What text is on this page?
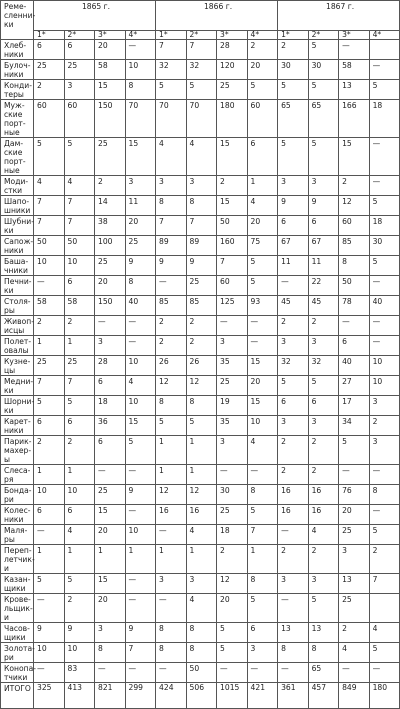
Ремесленники	1865 г.				1866 г.				1867 г.			
	1*	2*	3*	4*	1*	2*	3*	4*	1*	2*	3*	4*
Хлебники	6	6	20	—	7	7	28	2	2	5	—	
Булочники	25	25	58	10	32	32	120	20	30	30	58	—
Кондитеры	2	3	15	8	5	5	25	5	5	5	13	5
Мужские портные	60	60	150	70	70	70	180	60	65	65	166	18
Дамские портные	5	5	25	15	4	4	15	6	5	5	15	—
Модистки	4	4	2	3	3	3	2	1	3	3	2	—
Шапошники	7	7	14	11	8	8	15	4	9	9	12	5
Шубники	7	7	38	20	7	7	50	20	6	6	60	18
Сапожники	50	50	100	25	89	89	160	75	67	67	85	30
Башачники	10	10	25	9	9	9	7	5	11	11	8	5
Печники	—	6	20	8	—	25	60	5	—	22	50	—
Столяры	58	58	150	40	85	85	125	93	45	45	78	40
Живописцы	2	2	—	—	2	2	—	—	2	2	—	—
Полетовалы	1	1	3	—	2	2	3	—	3	3	6	—
Кузнецы	25	25	28	10	26	26	35	15	32	32	40	10
Медники	7	7	6	4	12	12	25	20	5	5	27	10
Шорники	5	5	18	10	8	8	19	15	6	6	17	3
Каретники	6	6	36	15	5	5	35	10	3	3	34	2
Парикмахеры	2	2	6	5	1	1	3	4	2	2	5	3
Слесаря	1	1	—	—	1	1	—	—	2	2	—	—
Бондари	10	10	25	9	12	12	30	8	16	16	76	8
Колесники	6	6	15	—	16	16	25	5	16	16	20	—
Маляры	—	4	20	10	—	4	18	7	—	4	25	5
Переплетчики	1	1	1	1	1	1	2	1	2	2	3	2
Казанщики	5	5	15	—	3	3	12	8	3	3	13	7
Кровельщики	—	2	20	—	—	4	20	5	—	5	25	
Часовщики	9	9	3	9	8	8	5	6	13	13	2	4
Золотари	10	10	8	7	8	8	5	3	8	8	4	5
Конопатчики	—	83	—	—	—	50	—	—	—	65	—	—
ИТОГО	325	413	821	299	424	506	1015	421	361	457	849	180
